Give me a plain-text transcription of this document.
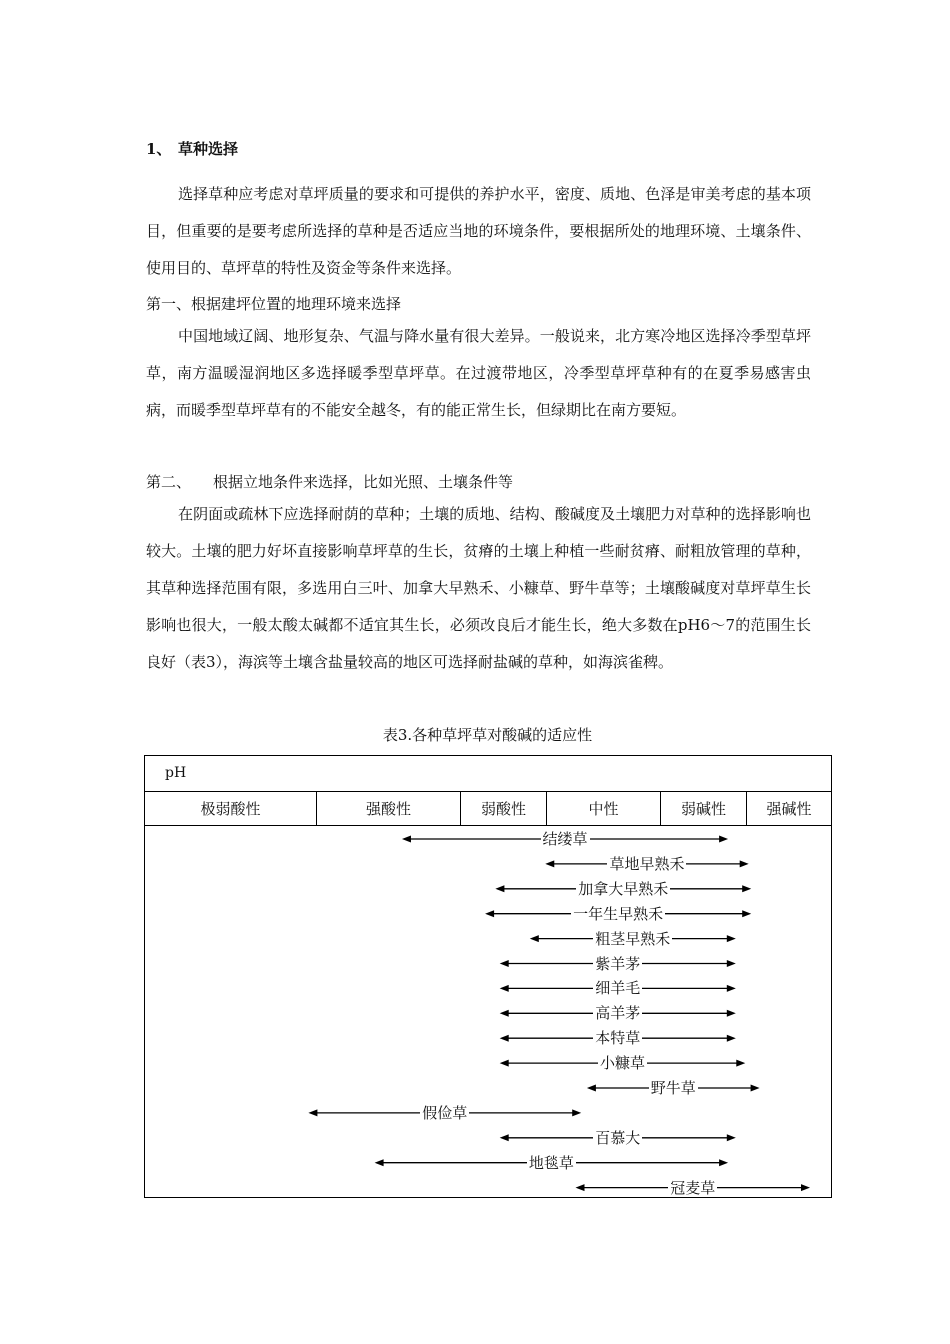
1、 草种选择

选择草种应考虑对草坪质量的要求和可提供的养护水平，密度、质地、色泽是审美考虑的基本项目，但重要的是要考虑所选择的草种是否适应当地的环境条件，要根据所处的地理环境、土壤条件、使用目的、草坪草的特性及资金等条件来选择。

第一、根据建坪位置的地理环境来选择

中国地域辽阔、地形复杂、气温与降水量有很大差异。一般说来，北方寒冷地区选择冷季型草坪草，南方温暖湿润地区多选择暖季型草坪草。在过渡带地区，冷季型草坪草种有的在夏季易感害虫病，而暖季型草坪草有的不能安全越冬，有的能正常生长，但绿期比在南方要短。

第二、 根据立地条件来选择，比如光照、土壤条件等

在阴面或疏林下应选择耐荫的草种；土壤的质地、结构、酸碱度及土壤肥力对草种的选择影响也较大。土壤的肥力好坏直接影响草坪草的生长，贫瘠的土壤上种植一些耐贫瘠、耐粗放管理的草种，其草种选择范围有限，多选用白三叶、加拿大早熟禾、小糠草、野牛草等；土壤酸碱度对草坪草生长影响也很大，一般太酸太碱都不适宜其生长，必须改良后才能生长，绝大多数在pH6～7的范围生长良好（表3），海滨等土壤含盐量较高的地区可选择耐盐碱的草种，如海滨雀稗。

表3.各种草坪草对酸碱的适应性
pH
极弱酸性	强酸性	弱酸性	中性	弱碱性	强碱性
结缕草
草地早熟禾
加拿大早熟禾
一年生早熟禾
粗茎早熟禾
紫羊茅
细羊毛
高羊茅
本特草
小糠草
野牛草
假俭草
百慕大
地毯草
冠麦草
